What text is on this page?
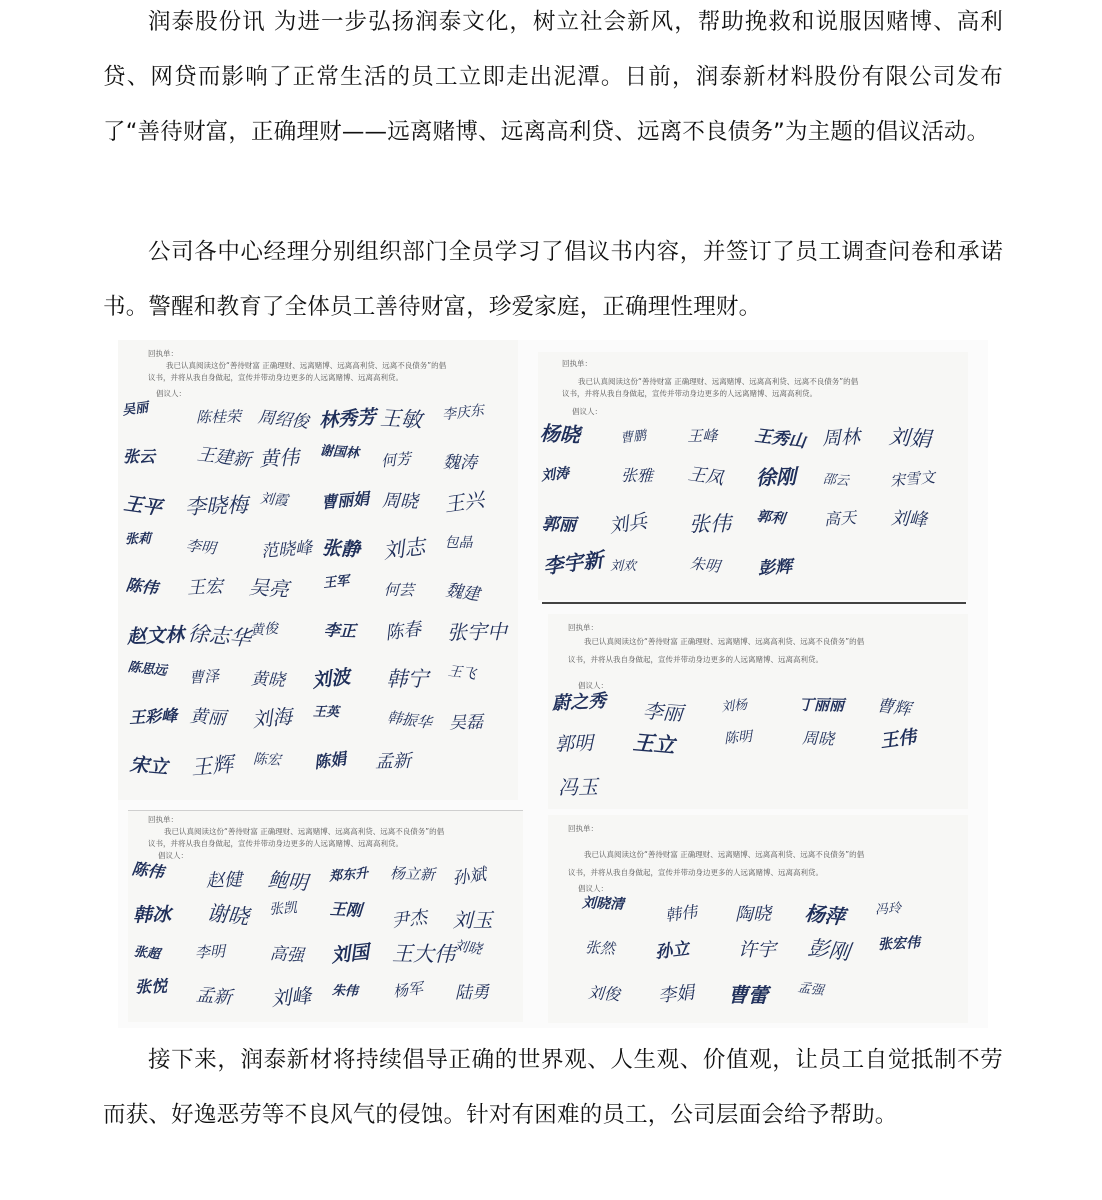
润泰股份讯 为进一步弘扬润泰文化，树立社会新风，帮助挽救和说服因赌博、高利贷、网贷而影响了正常生活的员工立即走出泥潭。日前，润泰新材料股份有限公司发布了“善待财富，正确理财——远离赌博、远离高利贷、远离不良债务”为主题的倡议活动。

公司各中心经理分别组织部门全员学习了倡议书内容，并签订了员工调查问卷和承诺书。警醒和教育了全体员工善待财富，珍爱家庭，正确理性理财。

回执单：
我已认真阅读这份“善待财富 正确理财、远离赌博、远离高利贷、远离不良债务”的倡
议书，并将从我自身做起，宣传并带动身边更多的人远离赌博、远离高利贷。
倡议人：
吴丽	陈桂荣 周绍俊 林秀芳 王敏 李庆东
张云 王建新 黄伟 谢国林 何芳 魏涛
王平 李晓梅 刘霞 曹丽娟 周晓 王兴
张莉 李明	范晓峰 张静 刘志 包晶
陈伟 王宏 吴亮	王军 何芸 魏建
赵文林 徐志华
黄俊	李正 陈春 张宇中
陈思远 曹泽 黄晓 刘波 韩宁 王飞
王彩峰 黄丽 刘海 王英	韩振华 吴磊
宋立 王辉 陈宏 陈娟 孟新
回执单：
我已认真阅读这份“善待财富 正确理财、远离赌博、远离高利贷、远离不良债务”的倡
议书，并将从我自身做起，宣传并带动身边更多的人远离赌博、远离高利贷。
倡议人：
杨晓	曹鹏	王峰 王秀山 周林 刘娟
刘涛	张雅 王凤 徐刚 邵云	宋雪文
郭丽 刘兵 张伟 郭利 高天 刘峰
李宇新 刘欢	朱明 彭辉
回执单：
我已认真阅读这份“善待财富 正确理财、远离赌博、远离高利贷、远离不良债务”的倡
议书，并将从我自身做起，宣传并带动身边更多的人远离赌博、远离高利贷。
倡议人：
蔚之秀 李丽	刘杨	丁丽丽 曹辉
郭明 王立	陈明	周晓 王伟
冯玉
回执单：
我已认真阅读这份“善待财富 正确理财、远离赌博、远离高利贷、远离不良债务”的倡
议书，并将从我自身做起，宣传并带动身边更多的人远离赌博、远离高利贷。
倡议人：
陈伟 赵健 鲍明 郑东升 杨立新 孙斌
韩冰 谢晓 张凯 王刚 尹杰 刘玉
张超 李明	高强 刘国 王大伟
刘晓
张悦 孟新 刘峰 朱伟 杨军 陆勇
回执单：
我已认真阅读这份“善待财富 正确理财、远离赌博、远离高利贷、远离不良债务”的倡
议书，并将从我自身做起，宣传并带动身边更多的人远离赌博、远离高利贷。
倡议人：
刘晓清 韩伟 陶晓 杨萍 冯玲
张然 孙立	许宇 彭刚 张宏伟
刘俊 李娟 曹蕾 孟强

接下来，润泰新材将持续倡导正确的世界观、人生观、价值观，让员工自觉抵制不劳而获、好逸恶劳等不良风气的侵蚀。针对有困难的员工，公司层面会给予帮助。
